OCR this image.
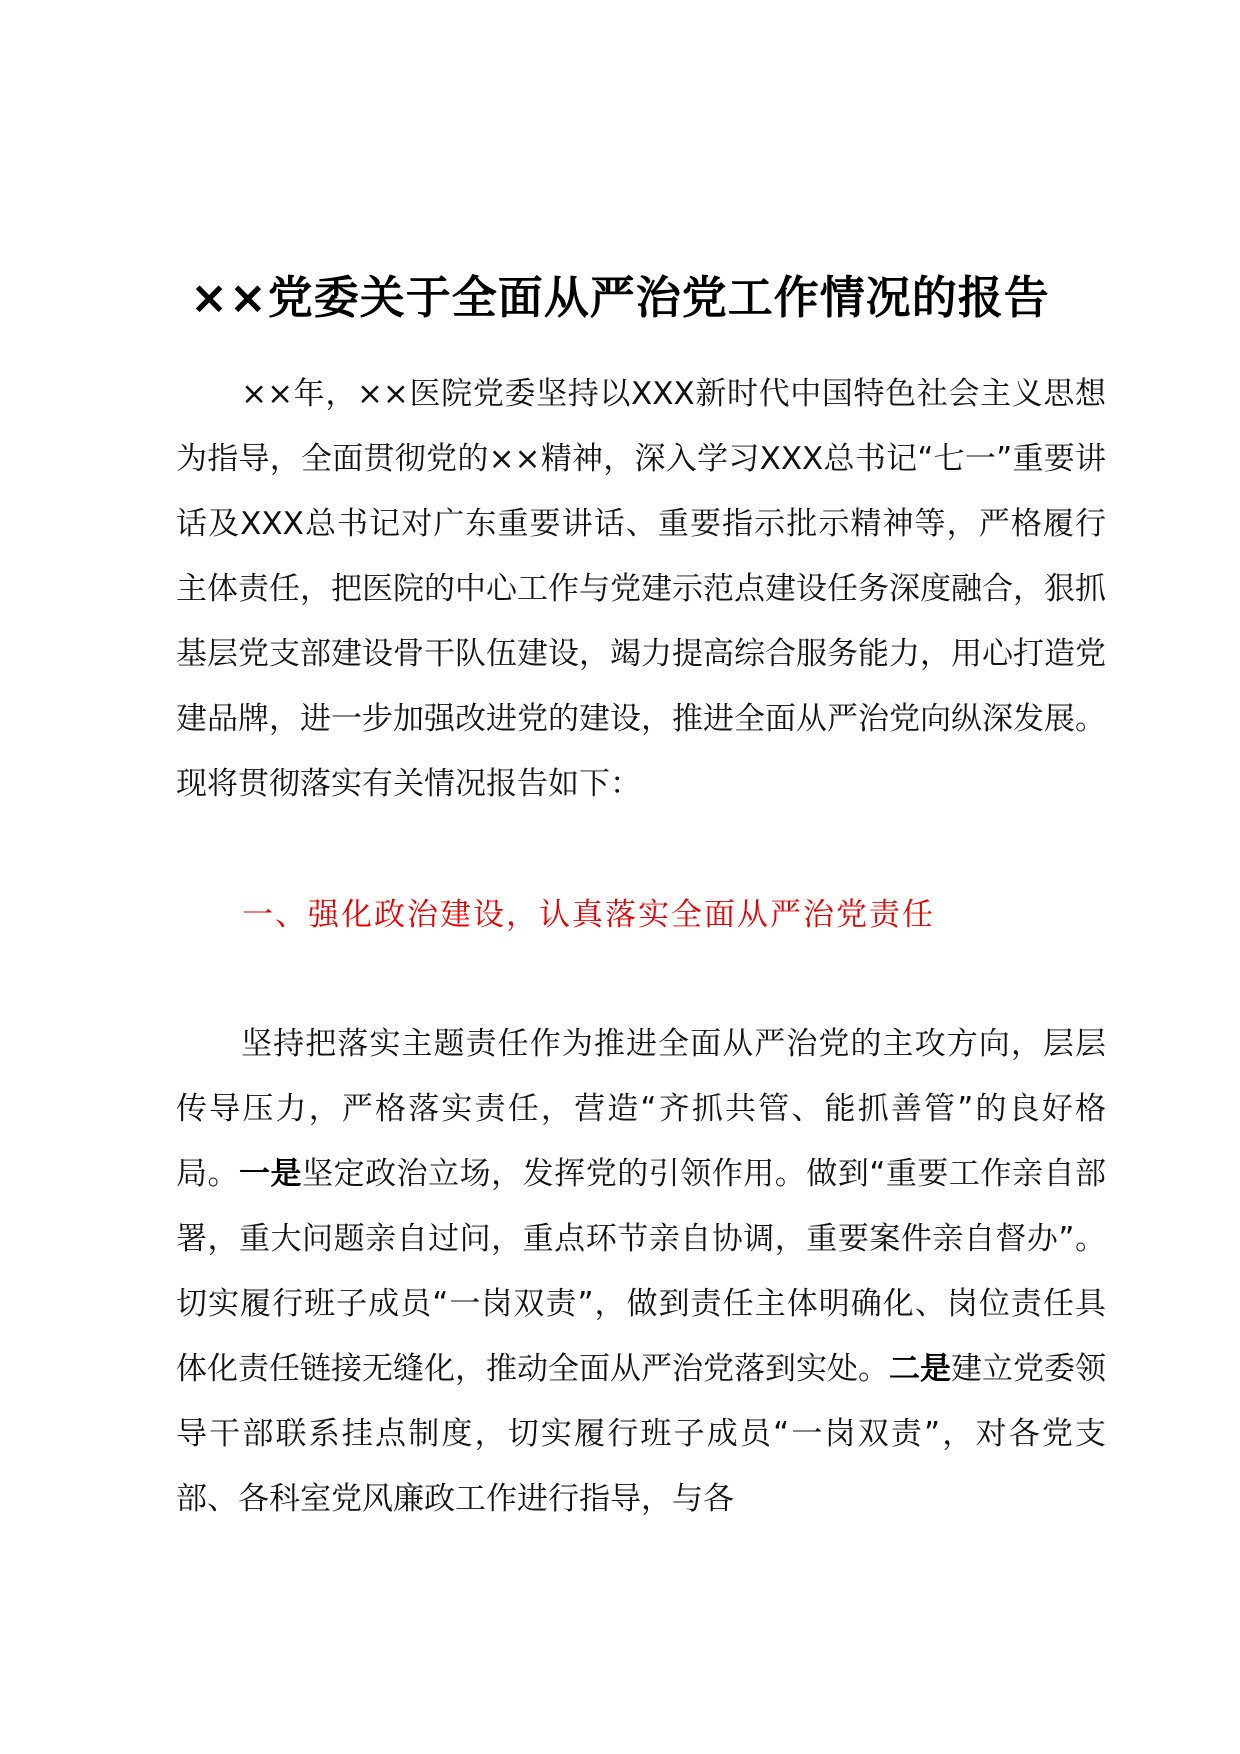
××党委关于全面从严治党工作情况的报告

××年，××医院党委坚持以XXX新时代中国特色社会主义思想为指导，全面贯彻党的××精神，深入学习XXX总书记“七一”重要讲话及XXX总书记对广东重要讲话、重要指示批示精神等，严格履行主体责任，把医院的中心工作与党建示范点建设任务深度融合，狠抓基层党支部建设骨干队伍建设，竭力提高综合服务能力，用心打造党建品牌，进一步加强改进党的建设，推进全面从严治党向纵深发展。现将贯彻落实有关情况报告如下：

一、强化政治建设，认真落实全面从严治党责任

坚持把落实主题责任作为推进全面从严治党的主攻方向，层层传导压力，严格落实责任，营造“齐抓共管、能抓善管”的良好格局。一是坚定政治立场，发挥党的引领作用。做到“重要工作亲自部署，重大问题亲自过问，重点环节亲自协调，重要案件亲自督办”。切实履行班子成员“一岗双责”，做到责任主体明确化、岗位责任具体化责任链接无缝化，推动全面从严治党落到实处。二是建立党委领导干部联系挂点制度，切实履行班子成员“一岗双责”，对各党支部、各科室党风廉政工作进行指导，与各
